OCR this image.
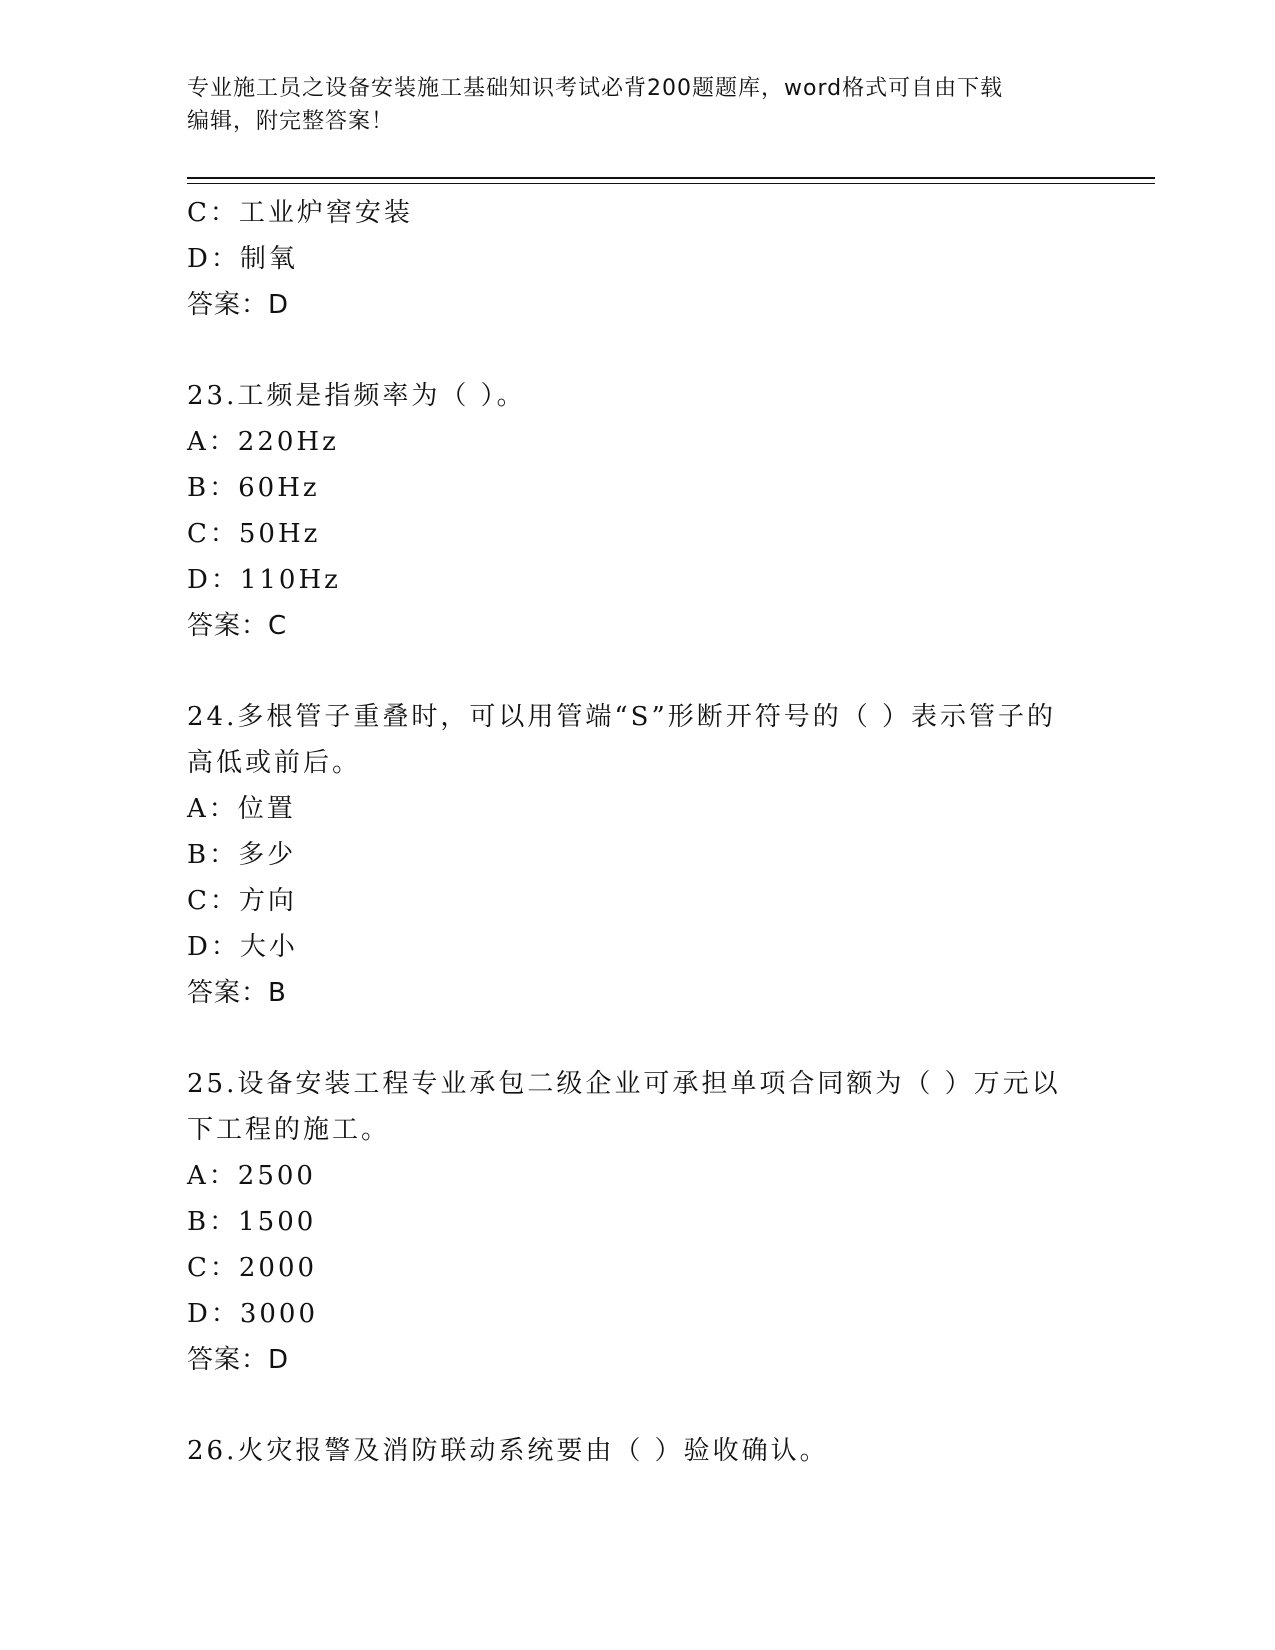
专业施工员之设备安装施工基础知识考试必背200题题库，word格式可自由下载
编辑，附完整答案！
C：工业炉窖安装
D：制氧
答案：D
23.工频是指频率为（ ）。
A：220Hz
B：60Hz
C：50Hz
D：110Hz
答案：C
24.多根管子重叠时，可以用管端“S”形断开符号的（ ）表示管子的
高低或前后。
A：位置
B：多少
C：方向
D：大小
答案：B
25.设备安装工程专业承包二级企业可承担单项合同额为（ ）万元以
下工程的施工。
A：2500
B：1500
C：2000
D：3000
答案：D
26.火灾报警及消防联动系统要由（ ）验收确认。
